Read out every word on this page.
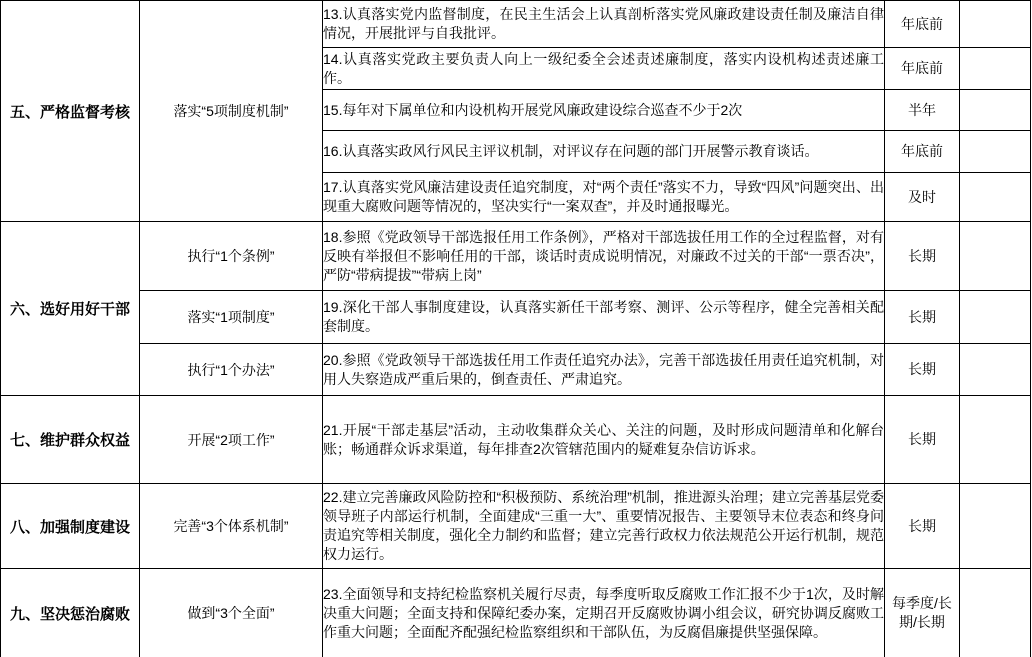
五、严格监督考核	落实“5项制度机制”	13.认真落实党内监督制度，在民主生活会上认真剖析落实党风廉政建设责任制及廉洁自律情况，开展批评与自我批评。	年底前	
		14.认真落实党政主要负责人向上一级纪委全会述责述廉制度，落实内设机构述责述廉工作。	年底前	
		15.每年对下属单位和内设机构开展党风廉政建设综合巡查不少于2次	半年	
		16.认真落实政风行风民主评议机制，对评议存在问题的部门开展警示教育谈话。	年底前	
		17.认真落实党风廉洁建设责任追究制度，对“两个责任”落实不力，导致“四风”问题突出、出现重大腐败问题等情况的，坚决实行“一案双查”，并及时通报曝光。	及时	
六、选好用好干部	执行“1个条例”	18.参照《党政领导干部选报任用工作条例》，严格对干部选拔任用工作的全过程监督，对有反映有举报但不影响任用的干部，谈话时责成说明情况，对廉政不过关的干部“一票否决”，严防“带病提拔”“带病上岗”	长期	
	落实“1项制度”	19.深化干部人事制度建设，认真落实新任干部考察、测评、公示等程序，健全完善相关配套制度。	长期	
	执行“1个办法”	20.参照《党政领导干部选拔任用工作责任追究办法》，完善干部选拔任用责任追究机制，对用人失察造成严重后果的，倒查责任、严肃追究。	长期	
七、维护群众权益	开展“2项工作”	21.开展“干部走基层”活动，主动收集群众关心、关注的问题，及时形成问题清单和化解台账；畅通群众诉求渠道，每年排查2次管辖范围内的疑难复杂信访诉求。	长期	
八、加强制度建设	完善“3个体系机制”	22.建立完善廉政风险防控和“积极预防、系统治理”机制，推进源头治理；建立完善基层党委领导班子内部运行机制，全面建成“三重一大”、重要情况报告、主要领导末位表态和终身问责追究等相关制度，强化全力制约和监督；建立完善行政权力依法规范公开运行机制，规范权力运行。	长期	
九、坚决惩治腐败	做到“3个全面”	23.全面领导和支持纪检监察机关履行尽责，每季度听取反腐败工作汇报不少于1次，及时解决重大问题；全面支持和保障纪委办案，定期召开反腐败协调小组会议，研究协调反腐败工作重大问题；全面配齐配强纪检监察组织和干部队伍，为反腐倡廉提供坚强保障。	每季度/长期/长期	
